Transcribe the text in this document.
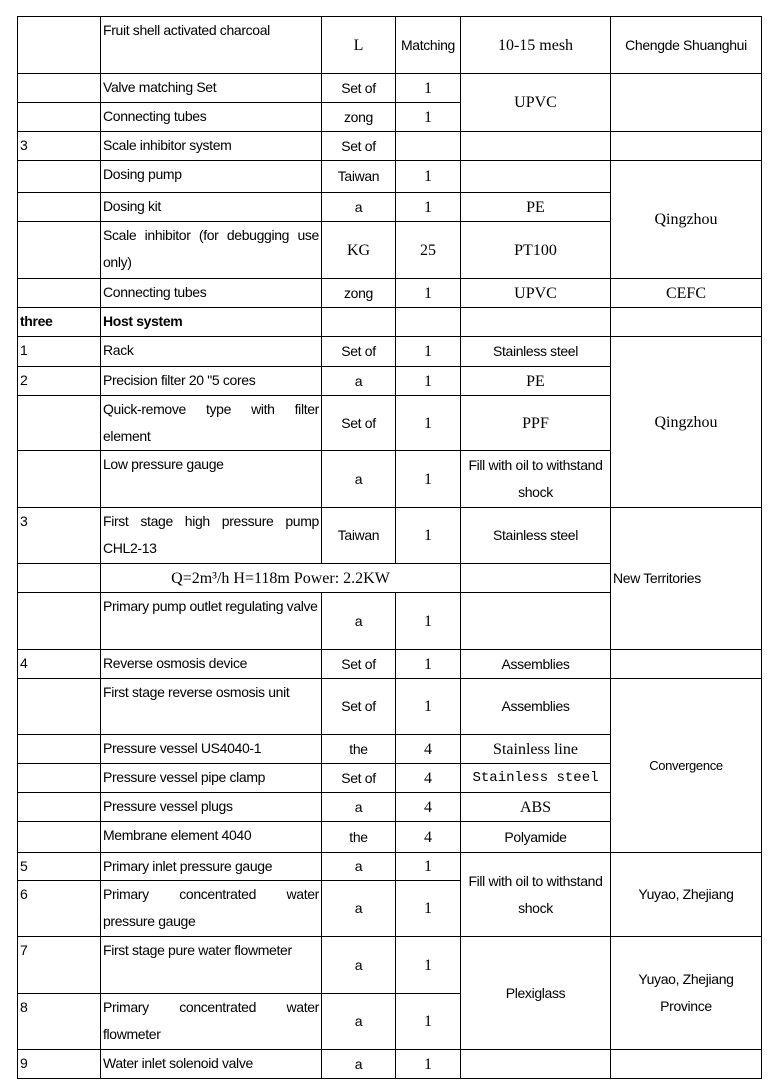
	Fruit shell activated charcoal	L	Matching	10-15 mesh	Chengde Shuanghui
	Valve matching Set	Set of	1	UPVC	
	Connecting tubes	zong	1		
3	Scale inhibitor system	Set of			
	Dosing pump	Taiwan	1		Qingzhou
	Dosing kit	a	1	PE	
	Scale inhibitor (for debugging use only)	KG	25	PT100	
	Connecting tubes	zong	1	UPVC	CEFC
three	Host system				
1	Rack	Set of	1	Stainless steel	Qingzhou
2	Precision filter 20 "5 cores	a	1	PE	
	Quick-remove type with filter element	Set of	1	PPF	
	Low pressure gauge	a	1	Fill with oil to withstand shock	
3	First stage high pressure pump CHL2-13	Taiwan	1	Stainless steel	New Territories
	Q=2m³/h H=118m Power: 2.2KW				
	Primary pump outlet regulating valve	a	1		
4	Reverse osmosis device	Set of	1	Assemblies	
	First stage reverse osmosis unit	Set of	1	Assemblies	Convergence
	Pressure vessel US4040-1	the	4	Stainless line	
	Pressure vessel pipe clamp	Set of	4	Stainless steel	
	Pressure vessel plugs	a	4	ABS	
	Membrane element 4040	the	4	Polyamide	
5	Primary inlet pressure gauge	a	1	Fill with oil to withstand shock	Yuyao, Zhejiang
6	Primary concentrated water pressure gauge	a	1		
7	First stage pure water flowmeter	a	1	Plexiglass	Yuyao, Zhejiang Province
8	Primary concentrated water flowmeter	a	1		
9	Water inlet solenoid valve	a	1		
